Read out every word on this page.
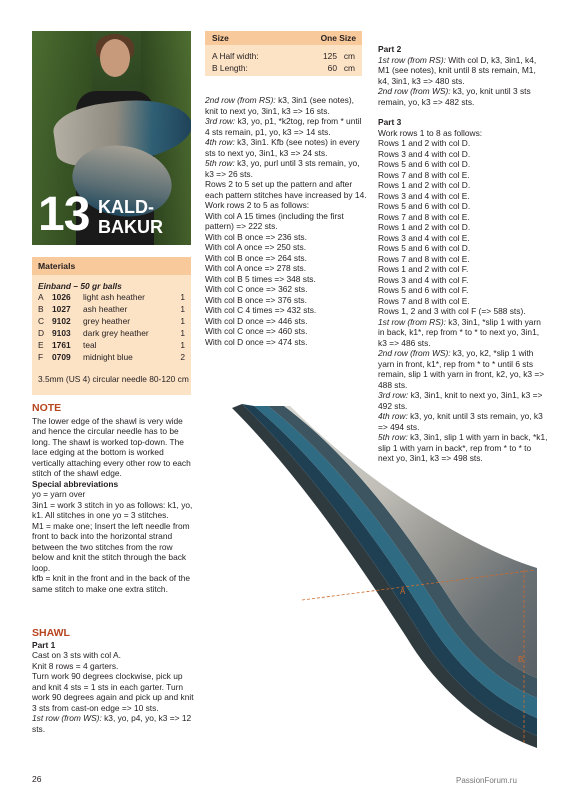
13 KALD-
BAKUR
Materials
Einband – 50 gr balls
A 1026 light ash heather	1
B 1027 ash heather	1
C 9102 grey heather	1
D 9103 dark grey heather	1
E 1761 teal	1
F 0709 midnight blue	2
3.5mm (US 4) circular needle 80-120 cm
NOTE

The lower edge of the shawl is very wide and hence the circular needle has to be long. The shawl is worked top-down. The lace edging at the bottom is worked vertically attaching every other row to each stitch of the shawl edge.

Special abbreviations

yo = yarn over

3in1 = work 3 stitch in yo as follows: k1, yo, k1. All stitches in one yo = 3 stitches.

M1 = make one; Insert the left needle from front to back into the horizontal strand between the two stitches from the row below and knit the stitch through the back loop.

kfb = knit in the front and in the back of the same stitch to make one extra stitch.

SHAWL
Part 1

Cast on 3 sts with col A.

Knit 8 rows = 4 garters.

Turn work 90 degrees clockwise, pick up and knit 4 sts = 1 sts in each garter. Turn work 90 degrees again and pick up and knit 3 sts from cast-on edge => 10 sts.

1st row (from WS): k3, yo, p4, yo, k3 => 12 sts.

Size	One Size
A Half width:	125 cm
B Length:	60 cm

2nd row (from RS): k3, 3in1 (see notes), knit to next yo, 3in1, k3 => 16 sts.

3rd row: k3, yo, p1, *k2tog, rep from * until 4 sts remain, p1, yo, k3 => 14 sts.

4th row: k3, 3in1. Kfb (see notes) in every sts to next yo, 3in1, k3 => 24 sts.

5th row: k3, yo, purl until 3 sts remain, yo, k3 => 26 sts.

Rows 2 to 5 set up the pattern and after each pattern stitches have increased by 14.

Work rows 2 to 5 as follows:

With col A 15 times (including the first pattern) => 222 sts.

With col B once => 236 sts.

With col A once => 250 sts.

With col B once => 264 sts.

With col A once => 278 sts.

With col B 5 times => 348 sts.

With col C once => 362 sts.

With col B once => 376 sts.

With col C 4 times => 432 sts.

With col D once => 446 sts.

With col C once => 460 sts.

With col D once => 474 sts.

Part 2

1st row (from RS): With col D, k3, 3in1, k4, M1 (see notes), knit until 8 sts remain, M1, k4, 3in1, k3 => 480 sts.

2nd row (from WS): k3, yo, knit until 3 sts remain, yo, k3 => 482 sts.

Part 3

Work rows 1 to 8 as follows:

Rows 1 and 2 with col D.

Rows 3 and 4 with col D.

Rows 5 and 6 with col D.

Rows 7 and 8 with col E.

Rows 1 and 2 with col D.

Rows 3 and 4 with col E.

Rows 5 and 6 with col D.

Rows 7 and 8 with col E.

Rows 1 and 2 with col D.

Rows 3 and 4 with col E.

Rows 5 and 6 with col D.

Rows 7 and 8 with col E.

Rows 1 and 2 with col F.

Rows 3 and 4 with col F.

Rows 5 and 6 with col F.

Rows 7 and 8 with col E.

Rows 1, 2 and 3 with col F (=> 588 sts).

1st row (from RS): k3, 3in1, *slip 1 with yarn in back, k1*, rep from * to * to next yo, 3in1, k3 => 486 sts.

2nd row (from WS): k3, yo, k2, *slip 1 with yarn in front, k1*, rep from * to * until 6 sts remain, slip 1 with yarn in front, k2, yo, k3 => 488 sts.

3rd row: k3, 3in1, knit to next yo, 3in1, k3 => 492 sts.

4th row: k3, yo, knit until 3 sts remain, yo, k3 => 494 sts.

5th row: k3, 3in1, slip 1 with yarn in back, *k1, slip 1 with yarn in back*, rep from * to * to next yo, 3in1, k3 => 498 sts.

A
B
26	PassionForum.ru
